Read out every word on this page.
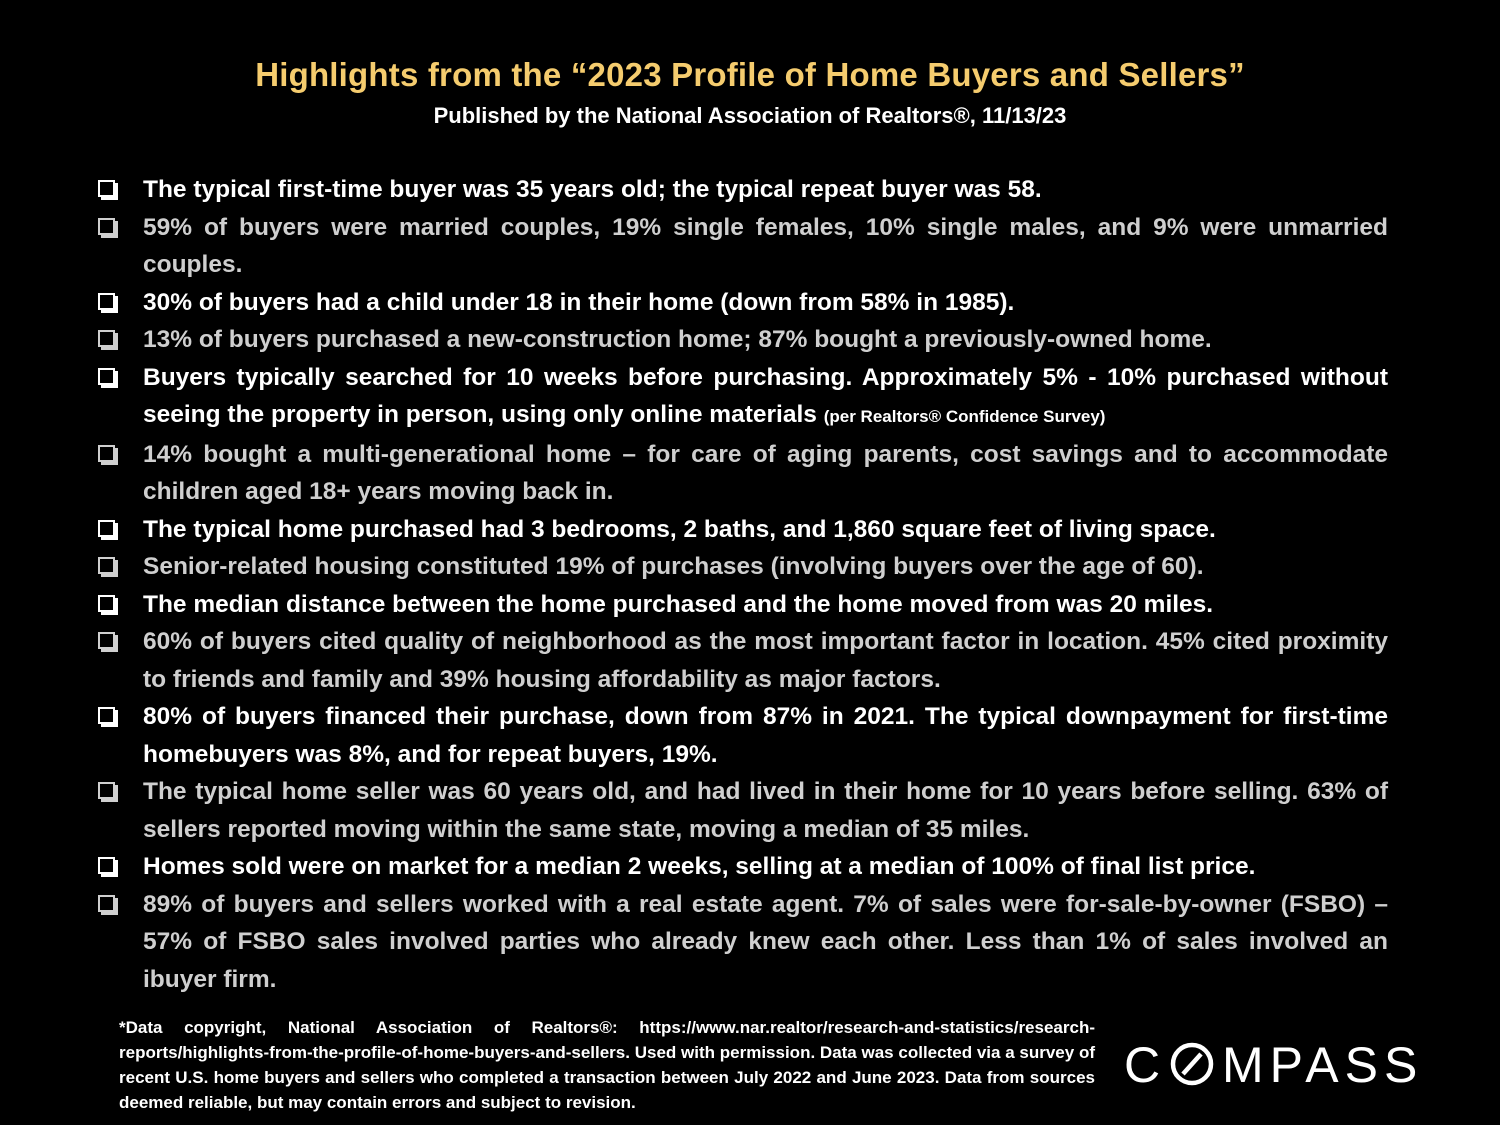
Highlights from the “2023 Profile of Home Buyers and Sellers”
Published by the National Association of Realtors®, 11/13/23
The typical first-time buyer was 35 years old; the typical repeat buyer was 58.
59% of buyers were married couples, 19% single females, 10% single males, and 9% were unmarried couples.
30% of buyers had a child under 18 in their home (down from 58% in 1985).
13% of buyers purchased a new-construction home; 87% bought a previously-owned home.
Buyers typically searched for 10 weeks before purchasing. Approximately 5% - 10% purchased without seeing the property in person, using only online materials (per Realtors® Confidence Survey)
14% bought a multi-generational home – for care of aging parents, cost savings and to accommodate children aged 18+ years moving back in.
The typical home purchased had 3 bedrooms, 2 baths, and 1,860 square feet of living space.
Senior-related housing constituted 19% of purchases (involving buyers over the age of 60).
The median distance between the home purchased and the home moved from was 20 miles.
60% of buyers cited quality of neighborhood as the most important factor in location. 45% cited proximity to friends and family and 39% housing affordability as major factors.
80% of buyers financed their purchase, down from 87% in 2021. The typical downpayment for first-time homebuyers was 8%, and for repeat buyers, 19%.
The typical home seller was 60 years old, and had lived in their home for 10 years before selling. 63% of sellers reported moving within the same state, moving a median of 35 miles.
Homes sold were on market for a median 2 weeks, selling at a median of 100% of final list price.
89% of buyers and sellers worked with a real estate agent. 7% of sales were for-sale-by-owner (FSBO) – 57% of FSBO sales involved parties who already knew each other. Less than 1% of sales involved an ibuyer firm.

*Data copyright, National Association of Realtors®: https://www.nar.realtor/research-and-statistics/research-reports/highlights-from-the-profile-of-home-buyers-and-sellers. Used with permission. Data was collected via a survey of recent U.S. home buyers and sellers who completed a transaction between July 2022 and June 2023. Data from sources deemed reliable, but may contain errors and subject to revision.

C MPASS
